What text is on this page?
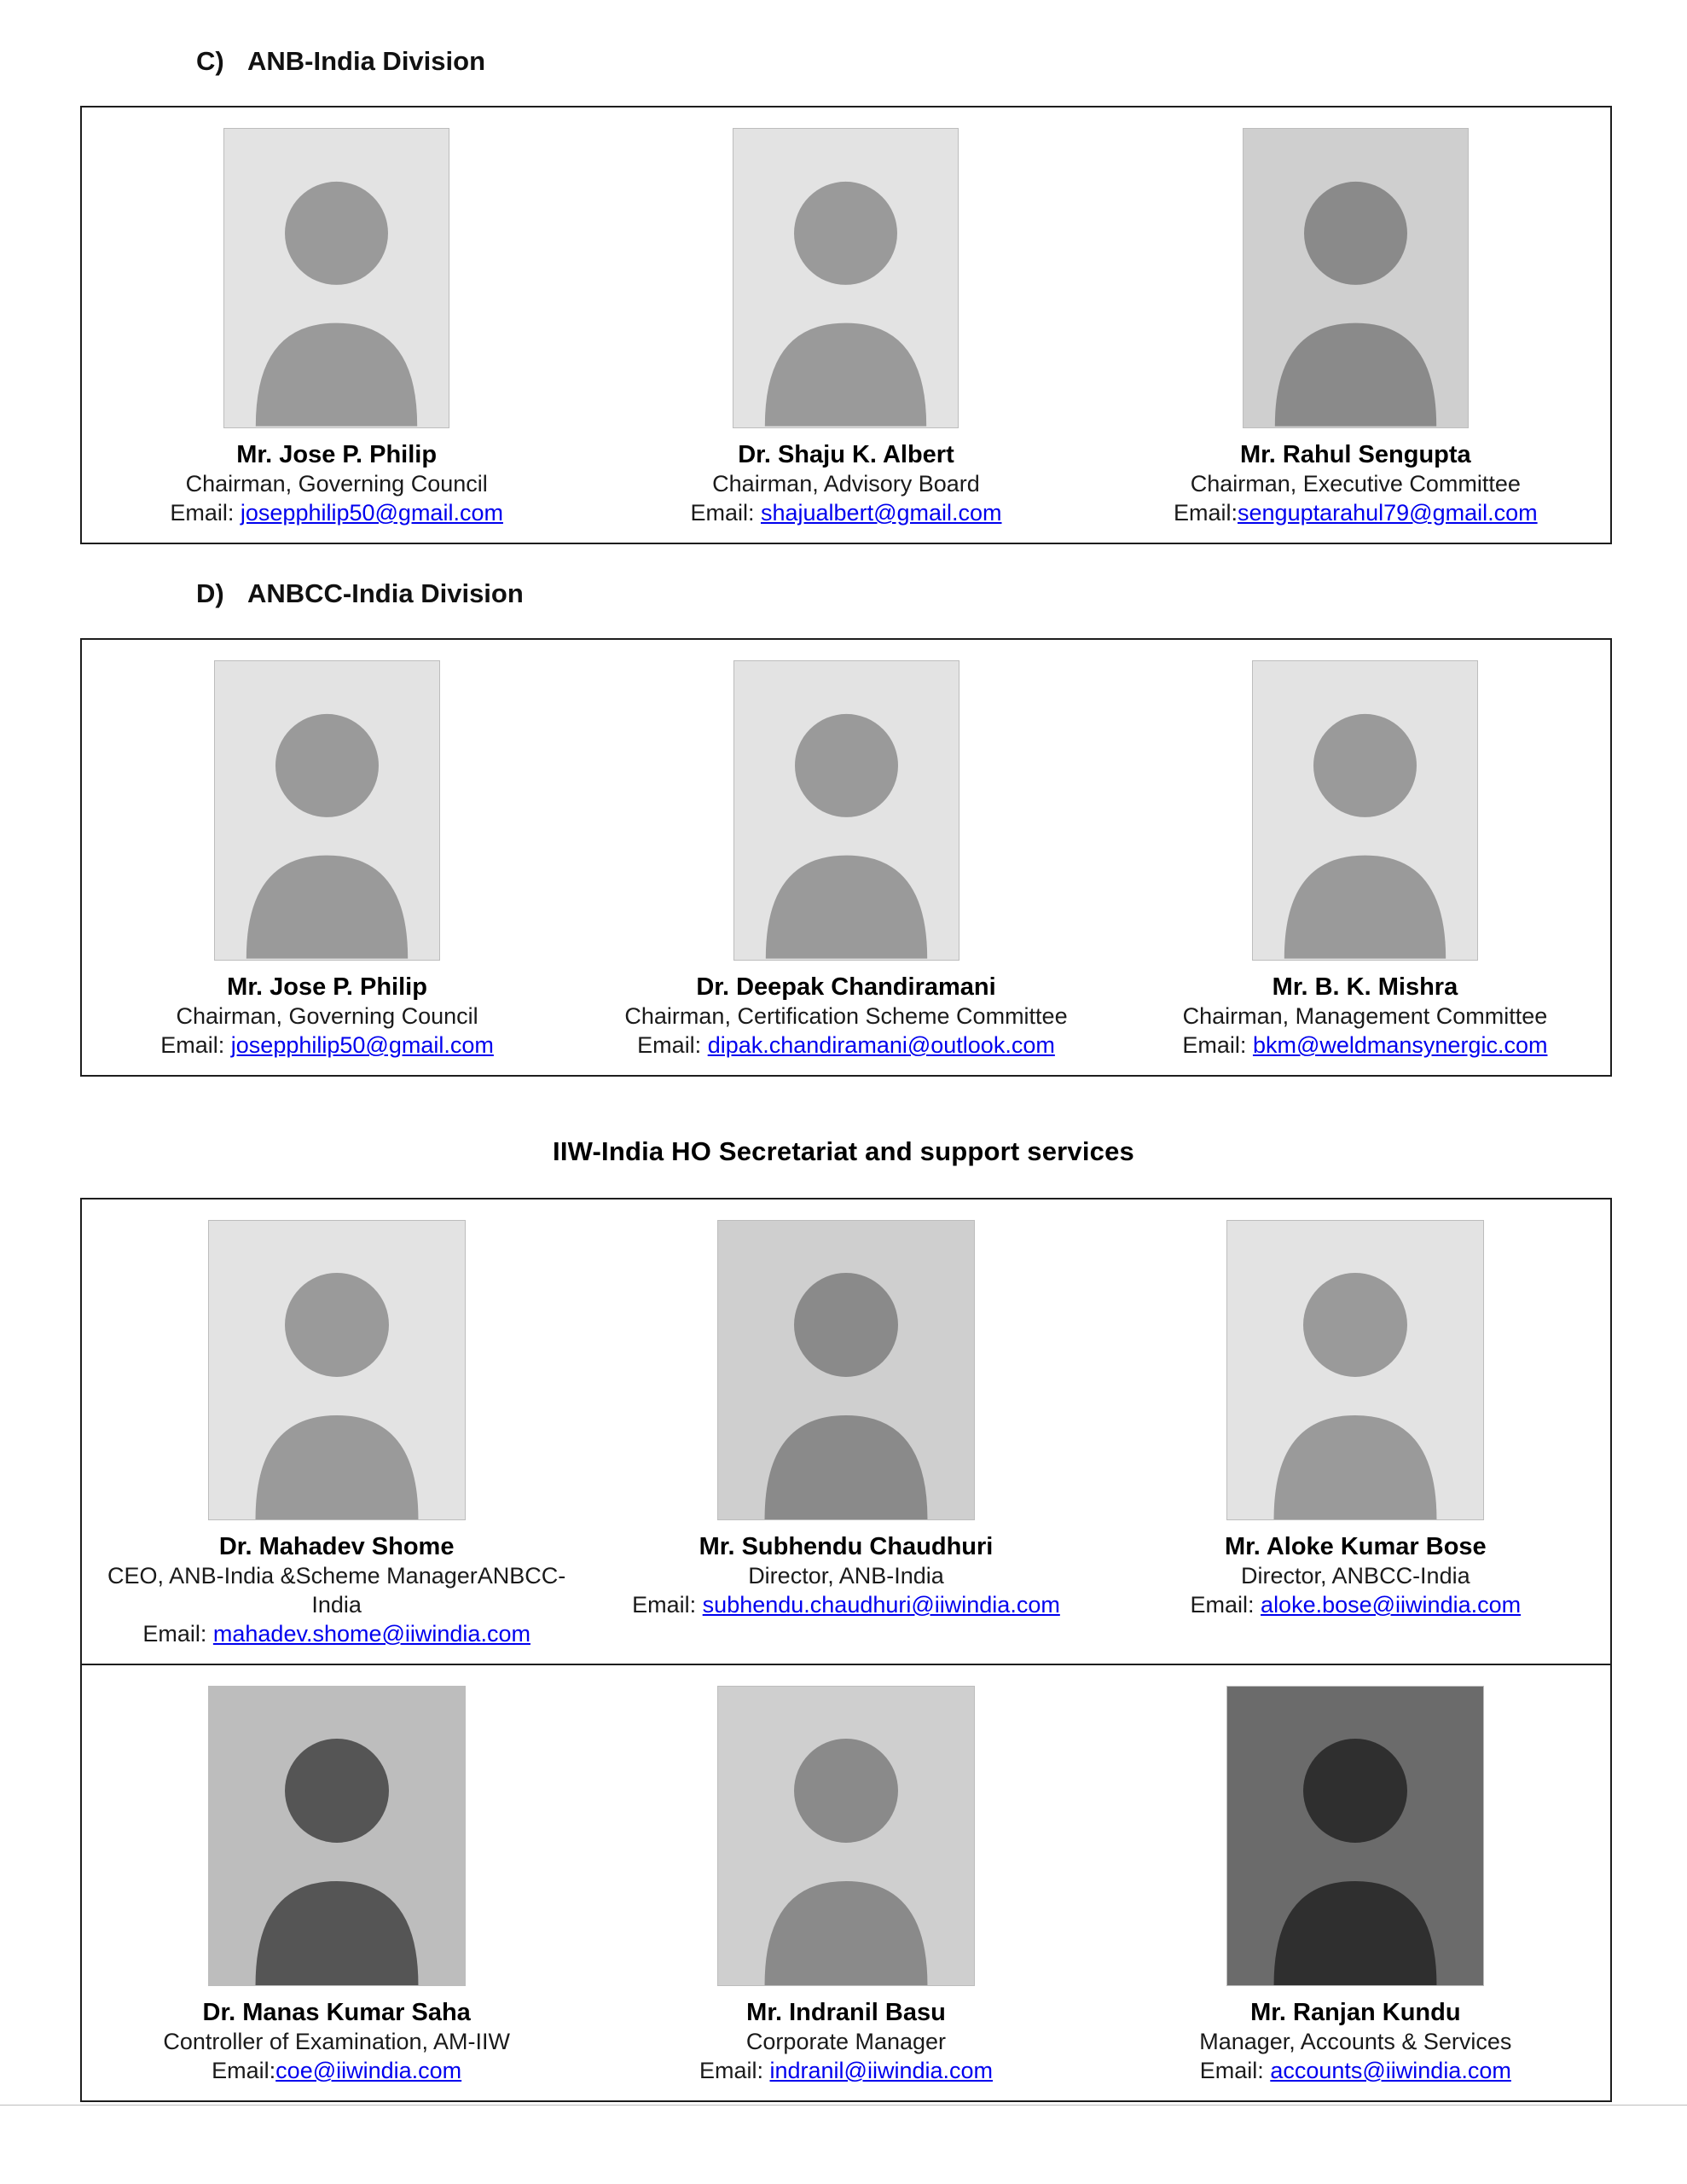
C) ANB-India Division
Mr. Jose P. Philip
Chairman, Governing Council
Email: josepphilip50@gmail.com
Dr. Shaju K. Albert
Chairman, Advisory Board
Email: shajualbert@gmail.com
Mr. Rahul Sengupta
Chairman, Executive Committee
Email:senguptarahul79@gmail.com
D) ANBCC-India Division
Mr. Jose P. Philip
Chairman, Governing Council
Email: josepphilip50@gmail.com
Dr. Deepak Chandiramani
Chairman, Certification Scheme Committee
Email: dipak.chandiramani@outlook.com
Mr. B. K. Mishra
Chairman, Management Committee
Email: bkm@weldmansynergic.com
IIW-India HO Secretariat and support services
Dr. Mahadev Shome
CEO, ANB-India &Scheme ManagerANBCC-India
Email: mahadev.shome@iiwindia.com
Mr. Subhendu Chaudhuri
Director, ANB-India
Email: subhendu.chaudhuri@iiwindia.com
Mr. Aloke Kumar Bose
Director, ANBCC-India
Email: aloke.bose@iiwindia.com
Dr. Manas Kumar Saha
Controller of Examination, AM-IIW
Email:coe@iiwindia.com
Mr. Indranil Basu
Corporate Manager
Email: indranil@iiwindia.com
Mr. Ranjan Kundu
Manager, Accounts & Services
Email: accounts@iiwindia.com
